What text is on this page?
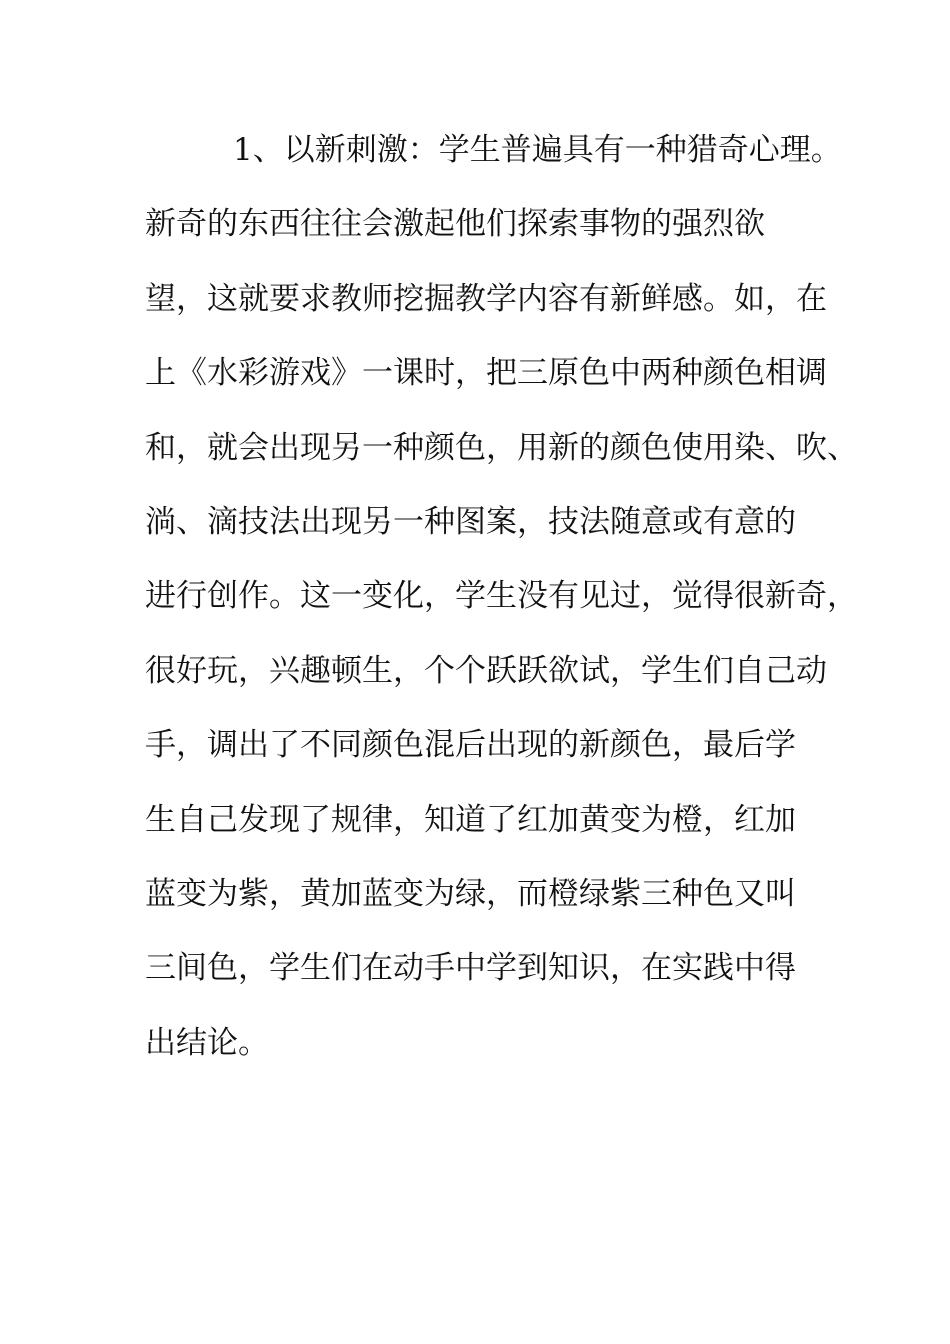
1、以新刺激：学生普遍具有一种猎奇心理。
新奇的东西往往会激起他们探索事物的强烈欲
望，这就要求教师挖掘教学内容有新鲜感。如，在
上《水彩游戏》一课时，把三原色中两种颜色相调
和，就会出现另一种颜色，用新的颜色使用染、吹、
淌、滴技法出现另一种图案，技法随意或有意的
进行创作。这一变化，学生没有见过，觉得很新奇，
很好玩，兴趣顿生，个个跃跃欲试，学生们自己动
手，调出了不同颜色混后出现的新颜色，最后学
生自己发现了规律，知道了红加黄变为橙，红加
蓝变为紫，黄加蓝变为绿，而橙绿紫三种色又叫
三间色，学生们在动手中学到知识，在实践中得
出结论。
